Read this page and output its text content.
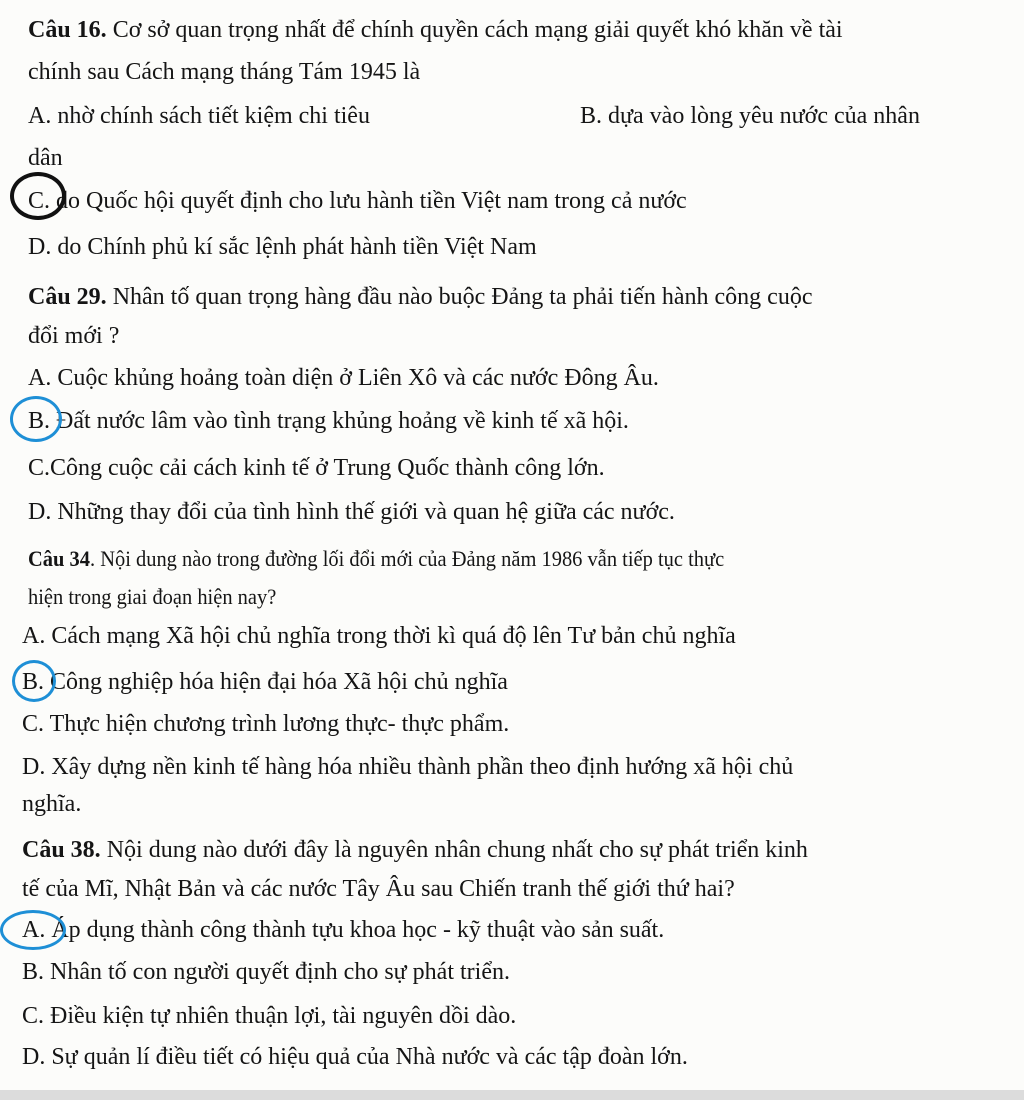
Câu 16. Cơ sở quan trọng nhất để chính quyền cách mạng giải quyết khó khăn về tài
chính sau Cách mạng tháng Tám 1945 là
A. nhờ chính sách tiết kiệm chi tiêu	B. dựa vào lòng yêu nước của nhân
dân
C. do Quốc hội quyết định cho lưu hành tiền Việt nam trong cả nước
D. do Chính phủ kí sắc lệnh phát hành tiền Việt Nam
Câu 29. Nhân tố quan trọng hàng đầu nào buộc Đảng ta phải tiến hành công cuộc
đổi mới ?
A. Cuộc khủng hoảng toàn diện ở Liên Xô và các nước Đông Âu.
B. Đất nước lâm vào tình trạng khủng hoảng về kinh tế xã hội.
C.Công cuộc cải cách kinh tế ở Trung Quốc thành công lớn.
D. Những thay đổi của tình hình thế giới và quan hệ giữa các nước.
Câu 34. Nội dung nào trong đường lối đổi mới của Đảng năm 1986 vẫn tiếp tục thực
hiện trong giai đoạn hiện nay?
A. Cách mạng Xã hội chủ nghĩa trong thời kì quá độ lên Tư bản chủ nghĩa
B. Công nghiệp hóa hiện đại hóa Xã hội chủ nghĩa
C. Thực hiện chương trình lương thực- thực phẩm.
D. Xây dựng nền kinh tế hàng hóa nhiều thành phần theo định hướng xã hội chủ
nghĩa.
Câu 38. Nội dung nào dưới đây là nguyên nhân chung nhất cho sự phát triển kinh
tế của Mĩ, Nhật Bản và các nước Tây Âu sau Chiến tranh thế giới thứ hai?
A. Áp dụng thành công thành tựu khoa học - kỹ thuật vào sản suất.
B. Nhân tố con người quyết định cho sự phát triển.
C. Điều kiện tự nhiên thuận lợi, tài nguyên dồi dào.
D. Sự quản lí điều tiết có hiệu quả của Nhà nước và các tập đoàn lớn.
